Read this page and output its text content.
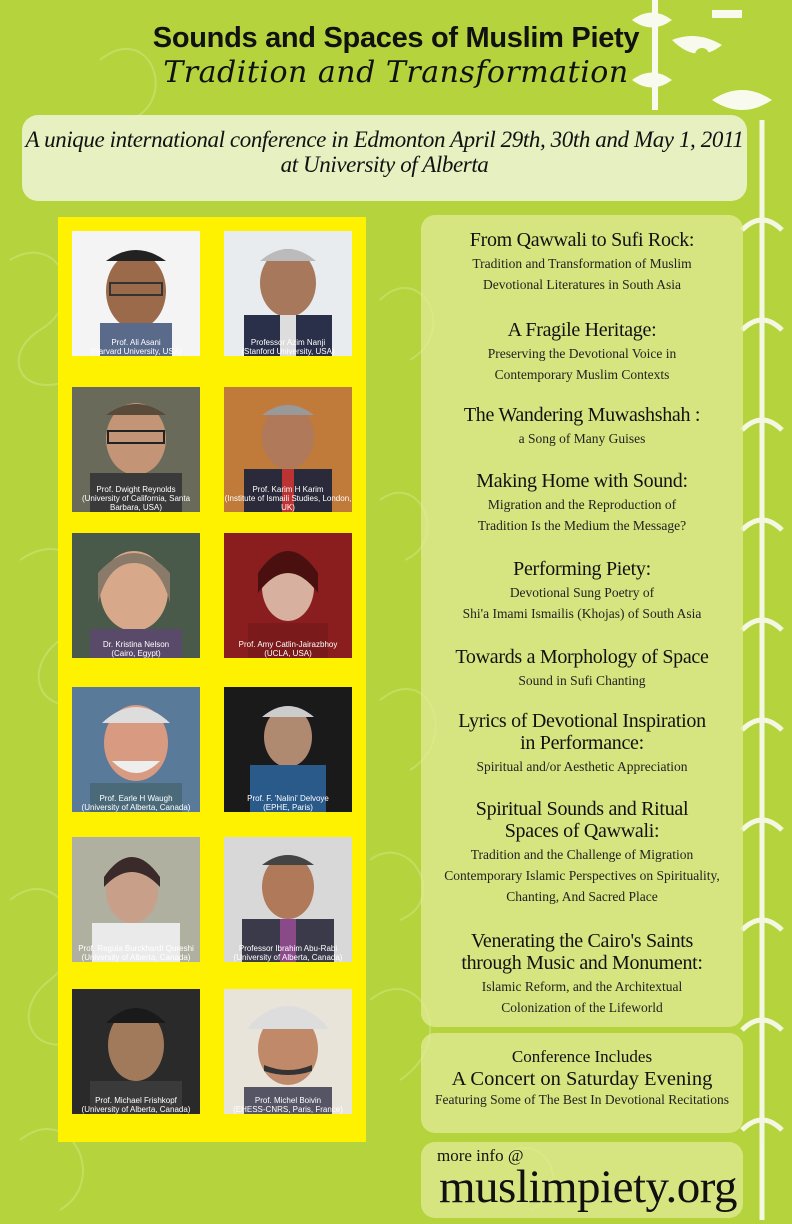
Sounds and Spaces of Muslim Piety
Tradition and Transformation
A unique international conference in Edmonton April 29th, 30th and May 1, 2011
at University of Alberta
Prof. Ali Asani
(Harvard University, USA)
Professor Azim Nanji
(Stanford University, USA)
Prof. Dwight Reynolds
(University of California, Santa Barbara, USA)
Prof. Karim H Karim
(Institute of Ismaili Studies, London, UK)
Dr. Kristina Nelson
(Cairo, Egypt)
Prof. Amy Catlin-Jairazbhoy
(UCLA, USA)
Prof. Earle H Waugh
(University of Alberta, Canada)
Prof. F. 'Nalini' Delvoye
(EPHE, Paris)
Prof. Regula Burckhardt Qureshi
(University of Alberta, Canada)
Professor Ibrahim Abu-Rabi
(University of Alberta, Canada)
Prof. Michael Frishkopf
(University of Alberta, Canada)
Prof. Michel Boivin
(EHESS-CNRS, Paris, France)
From Qawwali to Sufi Rock:
Tradition and Transformation of Muslim
Devotional Literatures in South Asia
A Fragile Heritage:
Preserving the Devotional Voice in
Contemporary Muslim Contexts
The Wandering Muwashshah :
a Song of Many Guises
Making Home with Sound:
Migration and the Reproduction of
Tradition Is the Medium the Message?
Performing Piety:
Devotional Sung Poetry of
Shi'a Imami Ismailis (Khojas) of South Asia
Towards a Morphology of Space
Sound in Sufi Chanting
Lyrics of Devotional Inspiration
in Performance:
Spiritual and/or Aesthetic Appreciation
Spiritual Sounds and Ritual
Spaces of Qawwali:
Tradition and the Challenge of Migration
Contemporary Islamic Perspectives on Spirituality,
Chanting, And Sacred Place
Venerating the Cairo's Saints
through Music and Monument:
Islamic Reform, and the Architextual
Colonization of the Lifeworld
Conference Includes
A Concert on Saturday Evening
Featuring Some of The Best In Devotional Recitations
more info @
muslimpiety.org
